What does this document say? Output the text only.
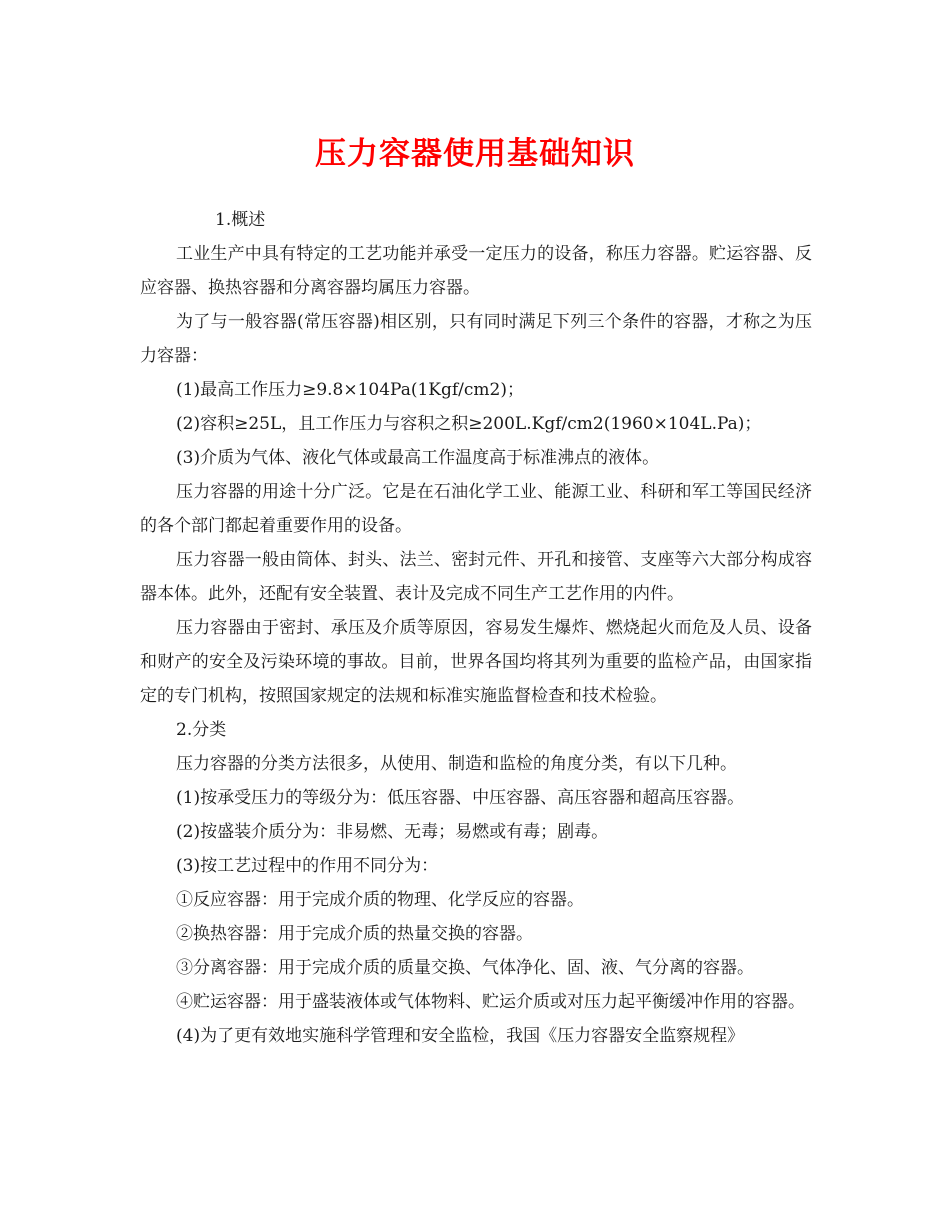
压力容器使用基础知识

1.概述

工业生产中具有特定的工艺功能并承受一定压力的设备，称压力容器。贮运容器、反应容器、换热容器和分离容器均属压力容器。

为了与一般容器(常压容器)相区别，只有同时满足下列三个条件的容器，才称之为压力容器：

(1)最高工作压力≥9.8×104Pa(1Kgf/cm2)；

(2)容积≥25L，且工作压力与容积之积≥200L.Kgf/cm2(1960×104L.Pa)；

(3)介质为气体、液化气体或最高工作温度高于标准沸点的液体。

压力容器的用途十分广泛。它是在石油化学工业、能源工业、科研和军工等国民经济的各个部门都起着重要作用的设备。

压力容器一般由筒体、封头、法兰、密封元件、开孔和接管、支座等六大部分构成容器本体。此外，还配有安全装置、表计及完成不同生产工艺作用的内件。

压力容器由于密封、承压及介质等原因，容易发生爆炸、燃烧起火而危及人员、设备和财产的安全及污染环境的事故。目前，世界各国均将其列为重要的监检产品，由国家指定的专门机构，按照国家规定的法规和标准实施监督检查和技术检验。

2.分类

压力容器的分类方法很多，从使用、制造和监检的角度分类，有以下几种。

(1)按承受压力的等级分为：低压容器、中压容器、高压容器和超高压容器。

(2)按盛装介质分为：非易燃、无毒；易燃或有毒；剧毒。

(3)按工艺过程中的作用不同分为：

①反应容器：用于完成介质的物理、化学反应的容器。

②换热容器：用于完成介质的热量交换的容器。

③分离容器：用于完成介质的质量交换、气体净化、固、液、气分离的容器。

④贮运容器：用于盛装液体或气体物料、贮运介质或对压力起平衡缓冲作用的容器。

(4)为了更有效地实施科学管理和安全监检，我国《压力容器安全监察规程》
